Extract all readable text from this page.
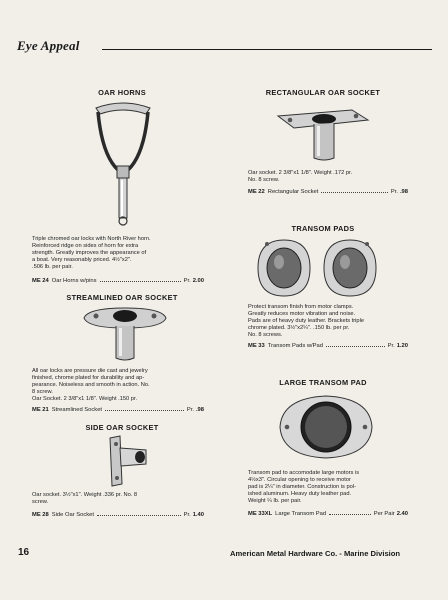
Eye Appeal
OAR HORNS

Triple chromed oar locks with North River horn.

Reinforced ridge on sides of horn for extra

strength. Greatly improves the appearance of

a boat. Very reasonably priced. 4½"x2".

.506 lb. per pair.

ME 24 Oar Horns w/pins	Pr. 2.00
STREAMLINED OAR SOCKET

All oar locks are pressure die cast and jewelry

finished, chrome plated for durability and ap-

pearance. Noiseless and smooth in action. No.

8 screw.

Oar Socket. 2 3/8"x1 1/8". Weight .150 pr.

ME 21 Streamlined Socket	Pr. .98
SIDE OAR SOCKET

Oar socket. 3½"x1". Weight .336 pr. No. 8

screw.

ME 28 Side Oar Socket	Pr. 1.40
RECTANGULAR OAR SOCKET

Oar socket. 2 3/8"x1 1/8". Weight .172 pr.

No. 8 screw.

ME 22 Rectangular Socket	Pr. .98
TRANSOM PADS

Protect transom finish from motor clamps.

Greatly reduces motor vibration and noise.

Pads are of heavy duty leather. Brackets triple

chrome plated. 3½"x2¼". .150 lb. per pr.

No. 8 screws.

ME 33 Transom Pads w/Pad	Pr. 1.20
LARGE TRANSOM PAD

Transom pad to accomodate large motors is

4½x3". Circular opening to receive motor

pad is 2¼" in diameter. Construction is pol-

ished aluminum. Heavy duty leather pad.

Weight ¼ lb. per pair.

ME 33XL Large Transom Pad	Per Pair 2.40
16	American Metal Hardware Co. - Marine Division
